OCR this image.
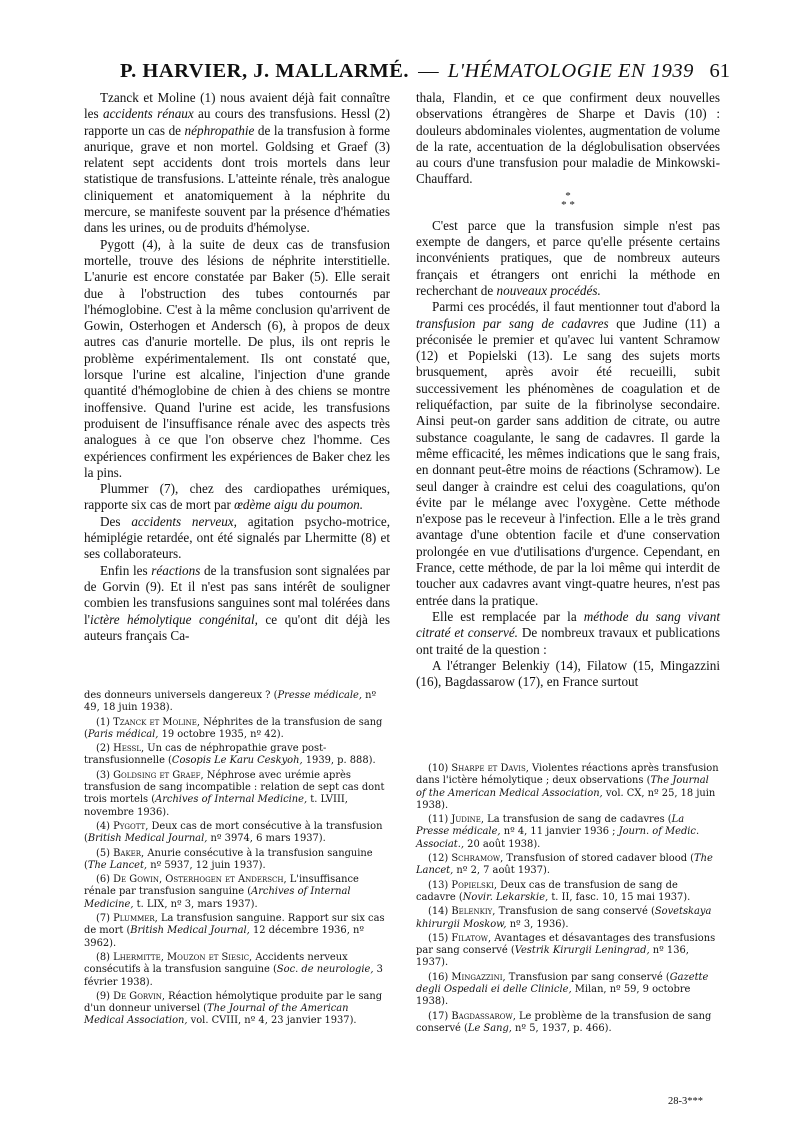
P. HARVIER, J. MALLARMÉ. — L'HÉMATOLOGIE EN 1939 61

Tzanck et Moline (1) nous avaient déjà fait connaître les accidents rénaux au cours des transfusions. Hessl (2) rapporte un cas de néphropathie de la transfusion à forme anurique, grave et non mortel. Goldsing et Graef (3) relatent sept accidents dont trois mortels dans leur statistique de transfusions. L'atteinte rénale, très analogue cliniquement et anatomiquement à la néphrite du mercure, se manifeste souvent par la présence d'hématies dans les urines, ou de produits d'hémolyse.

Pygott (4), à la suite de deux cas de transfusion mortelle, trouve des lésions de néphrite interstitielle. L'anurie est encore constatée par Baker (5). Elle serait due à l'obstruction des tubes contournés par l'hémoglobine. C'est à la même conclusion qu'arrivent de Gowin, Osterhogen et Andersch (6), à propos de deux autres cas d'anurie mortelle. De plus, ils ont repris le problème expérimentalement. Ils ont constaté que, lorsque l'urine est alcaline, l'injection d'une grande quantité d'hémoglobine de chien à des chiens se montre inoffensive. Quand l'urine est acide, les transfusions produisent de l'insuffisance rénale avec des aspects très analogues à ce que l'on observe chez l'homme. Ces expériences confirment les expériences de Baker chez les la pins.

Plummer (7), chez des cardiopathes urémiques, rapporte six cas de mort par œdème aigu du poumon.

Des accidents nerveux, agitation psycho-motrice, hémiplégie retardée, ont été signalés par Lhermitte (8) et ses collaborateurs.

Enfin les réactions de la transfusion sont signalées par de Gorvin (9). Et il n'est pas sans intérêt de souligner combien les transfusions sanguines sont mal tolérées dans l'ictère hémolytique congénital, ce qu'ont dit déjà les auteurs français Ca-

des donneurs universels dangereux ? (Presse médicale, nº 49, 18 juin 1938).

(1) Tzanck et Moline, Néphrites de la transfusion de sang (Paris médical, 19 octobre 1935, nº 42).

(2) Hessl, Un cas de néphropathie grave post-transfusionnelle (Cosopis Le Karu Ceskyoh, 1939, p. 888).

(3) Goldsing et Graef, Néphrose avec urémie après transfusion de sang incompatible : relation de sept cas dont trois mortels (Archives of Internal Medicine, t. LVIII, novembre 1936).

(4) Pygott, Deux cas de mort consécutive à la transfusion (British Medical Journal, nº 3974, 6 mars 1937).

(5) Baker, Anurie consécutive à la transfusion sanguine (The Lancet, nº 5937, 12 juin 1937).

(6) De Gowin, Osterhogen et Andersch, L'insuffisance rénale par transfusion sanguine (Archives of Internal Medicine, t. LIX, nº 3, mars 1937).

(7) Plummer, La transfusion sanguine. Rapport sur six cas de mort (British Medical Journal, 12 décembre 1936, nº 3962).

(8) Lhermitte, Mouzon et Siesic, Accidents nerveux consécutifs à la transfusion sanguine (Soc. de neurologie, 3 février 1938).

(9) De Gorvin, Réaction hémolytique produite par le sang d'un donneur universel (The Journal of the American Medical Association, vol. CVIII, nº 4, 23 janvier 1937).

thala, Flandin, et ce que confirment deux nouvelles observations étrangères de Sharpe et Davis (10) : douleurs abdominales violentes, augmentation de volume de la rate, accentuation de la déglobulisation observées au cours d'une transfusion pour maladie de Minkowski-Chauffard.

*
* *

C'est parce que la transfusion simple n'est pas exempte de dangers, et parce qu'elle présente certains inconvénients pratiques, que de nombreux auteurs français et étrangers ont enrichi la méthode en recherchant de nouveaux procédés.

Parmi ces procédés, il faut mentionner tout d'abord la transfusion par sang de cadavres que Judine (11) a préconisée le premier et qu'avec lui vantent Schramow (12) et Popielski (13). Le sang des sujets morts brusquement, après avoir été recueilli, subit successivement les phénomènes de coagulation et de reliquéfaction, par suite de la fibrinolyse secondaire. Ainsi peut-on garder sans addition de citrate, ou autre substance coagulante, le sang de cadavres. Il garde la même efficacité, les mêmes indications que le sang frais, en donnant peut-être moins de réactions (Schramow). Le seul danger à craindre est celui des coagulations, qu'on évite par le mélange avec l'oxygène. Cette méthode n'expose pas le receveur à l'infection. Elle a le très grand avantage d'une obtention facile et d'une conservation prolongée en vue d'utilisations d'urgence. Cependant, en France, cette méthode, de par la loi même qui interdit de toucher aux cadavres avant vingt-quatre heures, n'est pas entrée dans la pratique.

Elle est remplacée par la méthode du sang vivant citraté et conservé. De nombreux travaux et publications ont traité de la question :

A l'étranger Belenkiy (14), Filatow (15, Mingazzini (16), Bagdassarow (17), en France surtout

(10) Sharpe et Davis, Violentes réactions après transfusion dans l'ictère hémolytique ; deux observations (The Journal of the American Medical Association, vol. CX, nº 25, 18 juin 1938).

(11) Judine, La transfusion de sang de cadavres (La Presse médicale, nº 4, 11 janvier 1936 ; Journ. of Medic. Associat., 20 août 1938).

(12) Schramow, Transfusion of stored cadaver blood (The Lancet, nº 2, 7 août 1937).

(13) Popielski, Deux cas de transfusion de sang de cadavre (Novir. Lekarskie, t. II, fasc. 10, 15 mai 1937).

(14) Belenkiy, Transfusion de sang conservé (Sovetskaya khirurgii Moskow, nº 3, 1936).

(15) Filatow, Avantages et désavantages des transfusions par sang conservé (Vestrik Kirurgii Leningrad, nº 136, 1937).

(16) Mingazzini, Transfusion par sang conservé (Gazette degli Ospedali ei delle Clinicle, Milan, nº 59, 9 octobre 1938).

(17) Bagdassarow, Le problème de la transfusion de sang conservé (Le Sang, nº 5, 1937, p. 466).

28-3***
